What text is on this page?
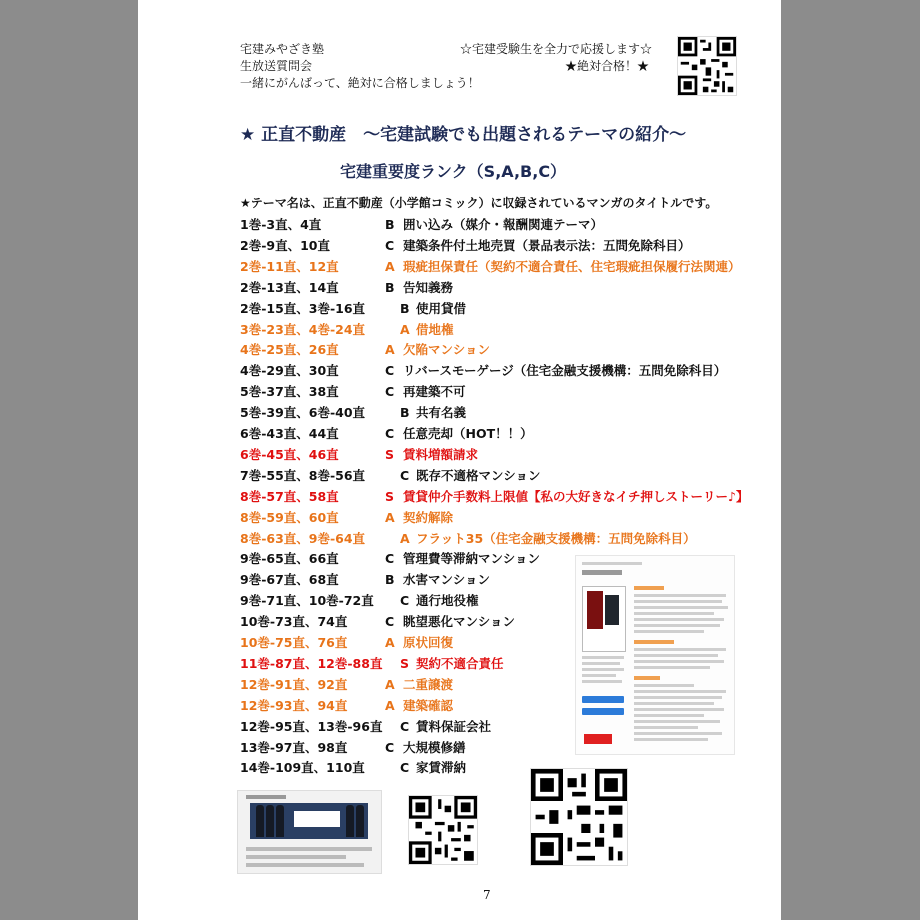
宅建みやざき塾
生放送質問会
一緒にがんばって、絶対に合格しましょう！
☆宅建受験生を全力で応援します☆
★絶対合格！★
★ 正直不動産　～宅建試験でも出題されるテーマの紹介～
宅建重要度ランク（S,A,B,C）
★テーマ名は、正直不動産（小学館コミック）に収録されているマンガのタイトルです。
1巻-3直、4直	B 囲い込み（媒介・報酬関連テーマ）
2巻-9直、10直	C 建築条件付土地売買（景品表示法：五問免除科目）
2巻-11直、12直	A 瑕疵担保責任（契約不適合責任、住宅瑕疵担保履行法関連）
2巻-13直、14直	B 告知義務
2巻-15直、3巻-16直	B 使用貸借
3巻-23直、4巻-24直	A 借地権
4巻-25直、26直	A 欠陥マンション
4巻-29直、30直	C リバースモーゲージ（住宅金融支援機構：五問免除科目）
5巻-37直、38直	C 再建築不可
5巻-39直、6巻-40直	B 共有名義
6巻-43直、44直	C 任意売却（HOT！！）
6巻-45直、46直	S 賃料増額請求
7巻-55直、8巻-56直	C 既存不適格マンション
8巻-57直、58直	S 賃貸仲介手数料上限値【私の大好きなイチ押しストーリー♪】
8巻-59直、60直	A 契約解除
8巻-63直、9巻-64直	A フラット35（住宅金融支援機構：五問免除科目）
9巻-65直、66直	C 管理費等滞納マンション
9巻-67直、68直	B 水害マンション
9巻-71直、10巻-72直 C 通行地役権
10巻-73直、74直	C 眺望悪化マンション
10巻-75直、76直	A 原状回復
11巻-87直、12巻-88直 S 契約不適合責任
12巻-91直、92直	A 二重譲渡
12巻-93直、94直	A 建築確認
12巻-95直、13巻-96直 C 賃料保証会社
13巻-97直、98直	C 大規模修繕
14巻-109直、110直	C 家賃滞納
7
